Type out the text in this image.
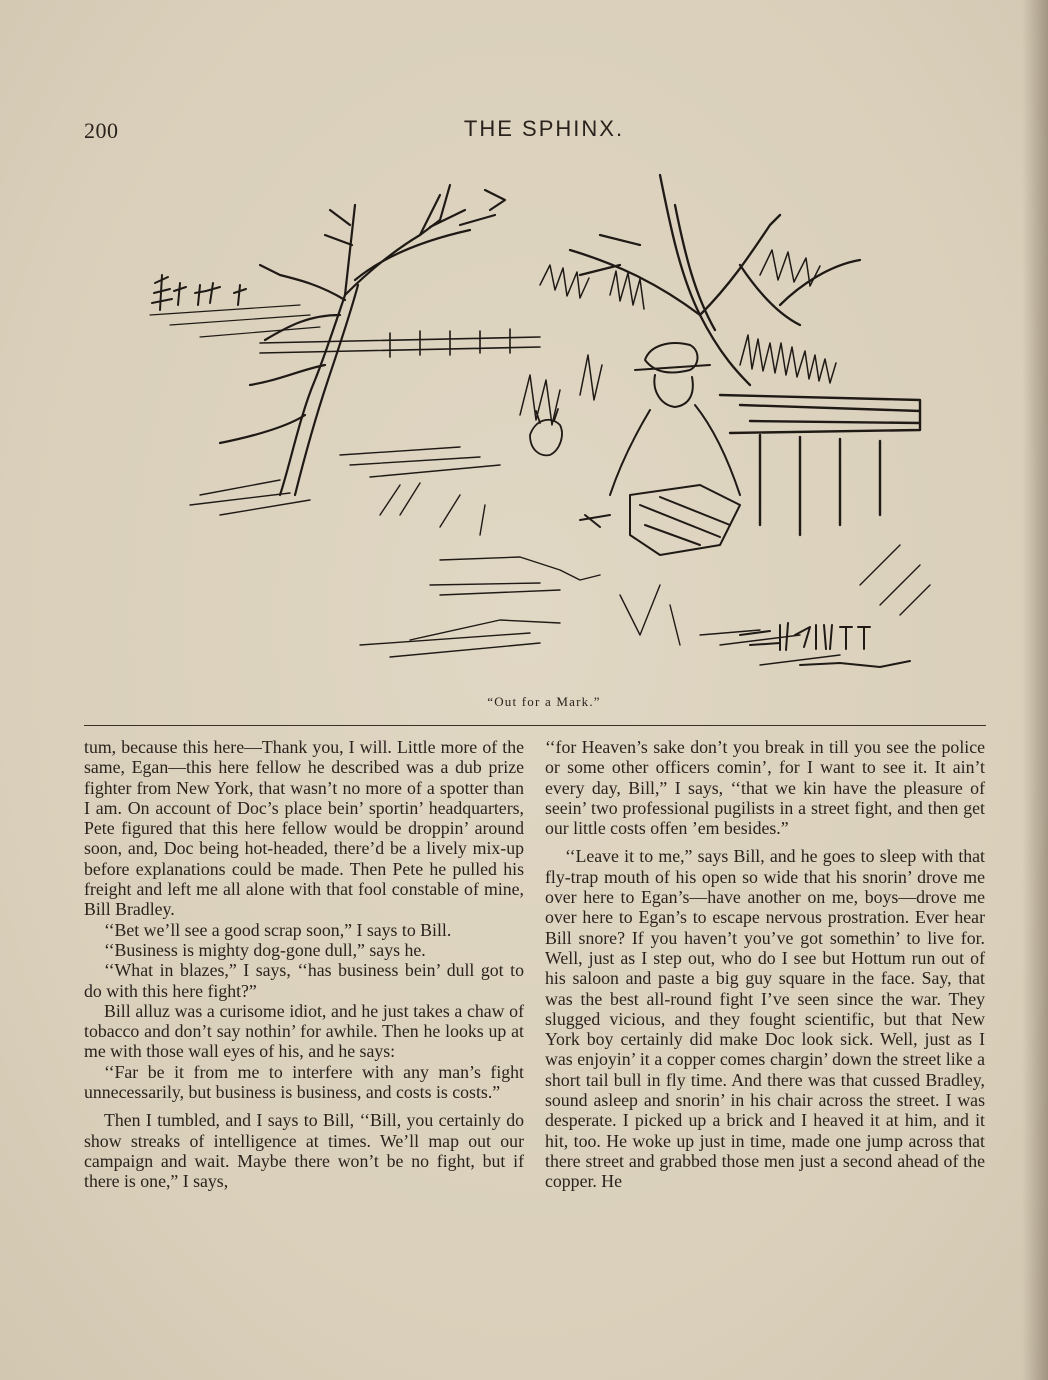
200	THE SPHINX.
“Out for a Mark.”

tum, because this here—Thank you, I will. Little more of the same, Egan—this here fellow he described was a dub prize fighter from New York, that wasn’t no more of a spotter than I am. On account of Doc’s place bein’ sportin’ headquarters, Pete figured that this here fellow would be droppin’ around soon, and, Doc being hot-headed, there’d be a lively mix-up before explanations could be made. Then Pete he pulled his freight and left me all alone with that fool constable of mine, Bill Bradley.

‘‘Bet we’ll see a good scrap soon,” I says to Bill.

‘‘Business is mighty dog-gone dull,” says he.

‘‘What in blazes,” I says, ‘‘has business bein’ dull got to do with this here fight?”

Bill alluz was a curisome idiot, and he just takes a chaw of tobacco and don’t say nothin’ for awhile. Then he looks up at me with those wall eyes of his, and he says:

‘‘Far be it from me to interfere with any man’s fight unnecessarily, but business is business, and costs is costs.”

Then I tumbled, and I says to Bill, ‘‘Bill, you certainly do show streaks of intelligence at times. We’ll map out our campaign and wait. Maybe there won’t be no fight, but if there is one,” I says,

‘‘for Heaven’s sake don’t you break in till you see the police or some other officers comin’, for I want to see it. It ain’t every day, Bill,” I says, ‘‘that we kin have the pleasure of seein’ two professional pugilists in a street fight, and then get our little costs offen ’em besides.”

‘‘Leave it to me,” says Bill, and he goes to sleep with that fly-trap mouth of his open so wide that his snorin’ drove me over here to Egan’s—have another on me, boys—drove me over here to Egan’s to escape nervous prostration. Ever hear Bill snore? If you haven’t you’ve got somethin’ to live for. Well, just as I step out, who do I see but Hottum run out of his saloon and paste a big guy square in the face. Say, that was the best all-round fight I’ve seen since the war. They slugged vicious, and they fought scientific, but that New York boy certainly did make Doc look sick. Well, just as I was enjoyin’ it a copper comes chargin’ down the street like a short tail bull in fly time. And there was that cussed Bradley, sound asleep and snorin’ in his chair across the street. I was desperate. I picked up a brick and I heaved it at him, and it hit, too. He woke up just in time, made one jump across that there street and grabbed those men just a second ahead of the copper. He
